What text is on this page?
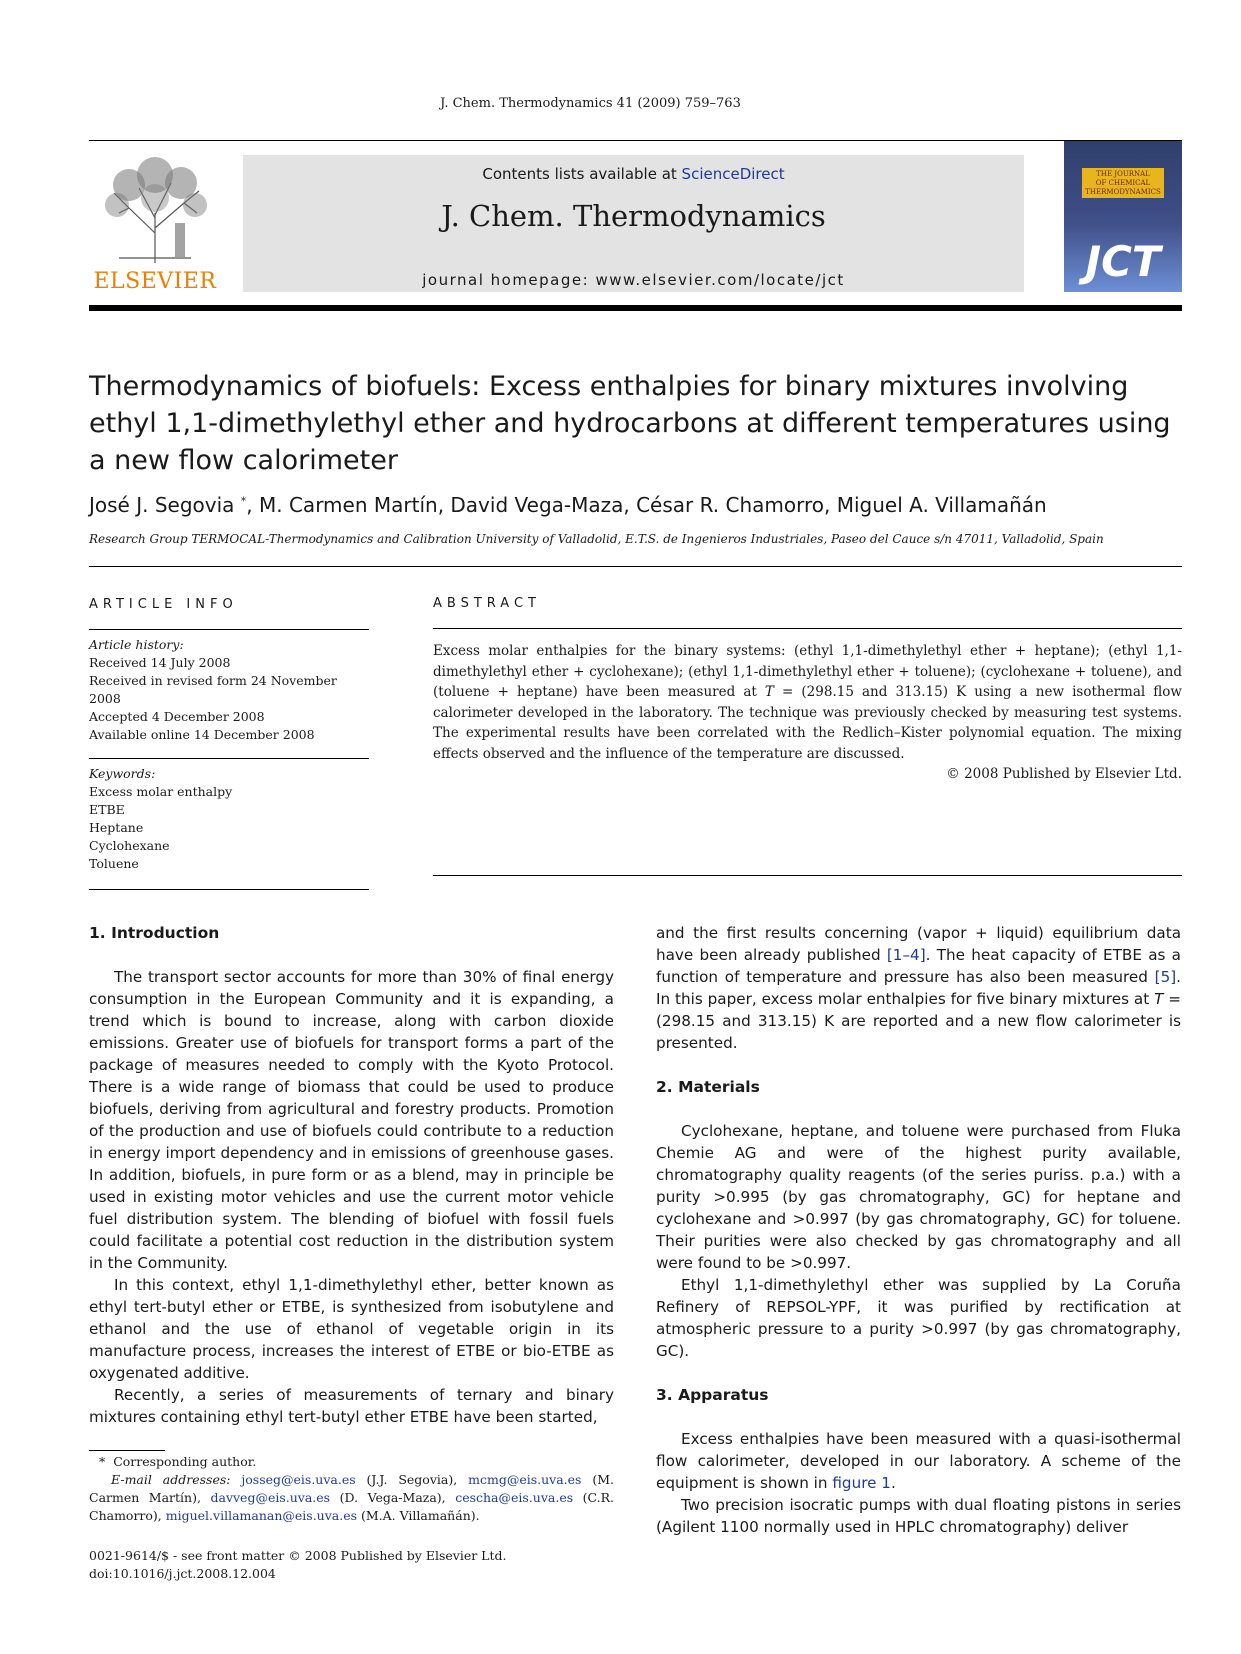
J. Chem. Thermodynamics 41 (2009) 759–763
ELSEVIER
Contents lists available at ScienceDirect
J. Chem. Thermodynamics
journal homepage: www.elsevier.com/locate/jct
THE JOURNAL
OF CHEMICAL
THERMODYNAMICS
JCT
Thermodynamics of biofuels: Excess enthalpies for binary mixtures involving ethyl 1,1-dimethylethyl ether and hydrocarbons at different temperatures using a new flow calorimeter
José J. Segovia *, M. Carmen Martín, David Vega-Maza, César R. Chamorro, Miguel A. Villamañán
Research Group TERMOCAL-Thermodynamics and Calibration University of Valladolid, E.T.S. de Ingenieros Industriales, Paseo del Cauce s/n 47011, Valladolid, Spain
ARTICLE INFO
Article history:
Received 14 July 2008
Received in revised form 24 November 2008
Accepted 4 December 2008
Available online 14 December 2008
Keywords:
Excess molar enthalpy
ETBE
Heptane
Cyclohexane
Toluene
ABSTRACT
Excess molar enthalpies for the binary systems: (ethyl 1,1-dimethylethyl ether + heptane); (ethyl 1,1-dimethylethyl ether + cyclohexane); (ethyl 1,1-dimethylethyl ether + toluene); (cyclohexane + toluene), and (toluene + heptane) have been measured at T = (298.15 and 313.15) K using a new isothermal flow calorimeter developed in the laboratory. The technique was previously checked by measuring test systems. The experimental results have been correlated with the Redlich–Kister polynomial equation. The mixing effects observed and the influence of the temperature are discussed.
© 2008 Published by Elsevier Ltd.
1. Introduction

The transport sector accounts for more than 30% of final energy consumption in the European Community and it is expanding, a trend which is bound to increase, along with carbon dioxide emissions. Greater use of biofuels for transport forms a part of the package of measures needed to comply with the Kyoto Protocol. There is a wide range of biomass that could be used to produce biofuels, deriving from agricultural and forestry products. Promotion of the production and use of biofuels could contribute to a reduction in energy import dependency and in emissions of greenhouse gases. In addition, biofuels, in pure form or as a blend, may in principle be used in existing motor vehicles and use the current motor vehicle fuel distribution system. The blending of biofuel with fossil fuels could facilitate a potential cost reduction in the distribution system in the Community.

In this context, ethyl 1,1-dimethylethyl ether, better known as ethyl tert-butyl ether or ETBE, is synthesized from isobutylene and ethanol and the use of ethanol of vegetable origin in its manufacture process, increases the interest of ETBE or bio-ETBE as oxygenated additive.

Recently, a series of measurements of ternary and binary mixtures containing ethyl tert-butyl ether ETBE have been started,

and the first results concerning (vapor + liquid) equilibrium data have been already published [1–4]. The heat capacity of ETBE as a function of temperature and pressure has also been measured [5]. In this paper, excess molar enthalpies for five binary mixtures at T = (298.15 and 313.15) K are reported and a new flow calorimeter is presented.

2. Materials

Cyclohexane, heptane, and toluene were purchased from Fluka Chemie AG and were of the highest purity available, chromatography quality reagents (of the series puriss. p.a.) with a purity >0.995 (by gas chromatography, GC) for heptane and cyclohexane and >0.997 (by gas chromatography, GC) for toluene. Their purities were also checked by gas chromatography and all were found to be >0.997.

Ethyl 1,1-dimethylethyl ether was supplied by La Coruña Refinery of REPSOL-YPF, it was purified by rectification at atmospheric pressure to a purity >0.997 (by gas chromatography, GC).

3. Apparatus

Excess enthalpies have been measured with a quasi-isothermal flow calorimeter, developed in our laboratory. A scheme of the equipment is shown in figure 1.

Two precision isocratic pumps with dual floating pistons in series (Agilent 1100 normally used in HPLC chromatography) deliver

* Corresponding author.
E-mail addresses: josseg@eis.uva.es (J.J. Segovia), mcmg@eis.uva.es (M. Carmen Martín), davveg@eis.uva.es (D. Vega-Maza), cescha@eis.uva.es (C.R. Chamorro), miguel.villamanan@eis.uva.es (M.A. Villamañán).
0021-9614/$ - see front matter © 2008 Published by Elsevier Ltd.
doi:10.1016/j.jct.2008.12.004
